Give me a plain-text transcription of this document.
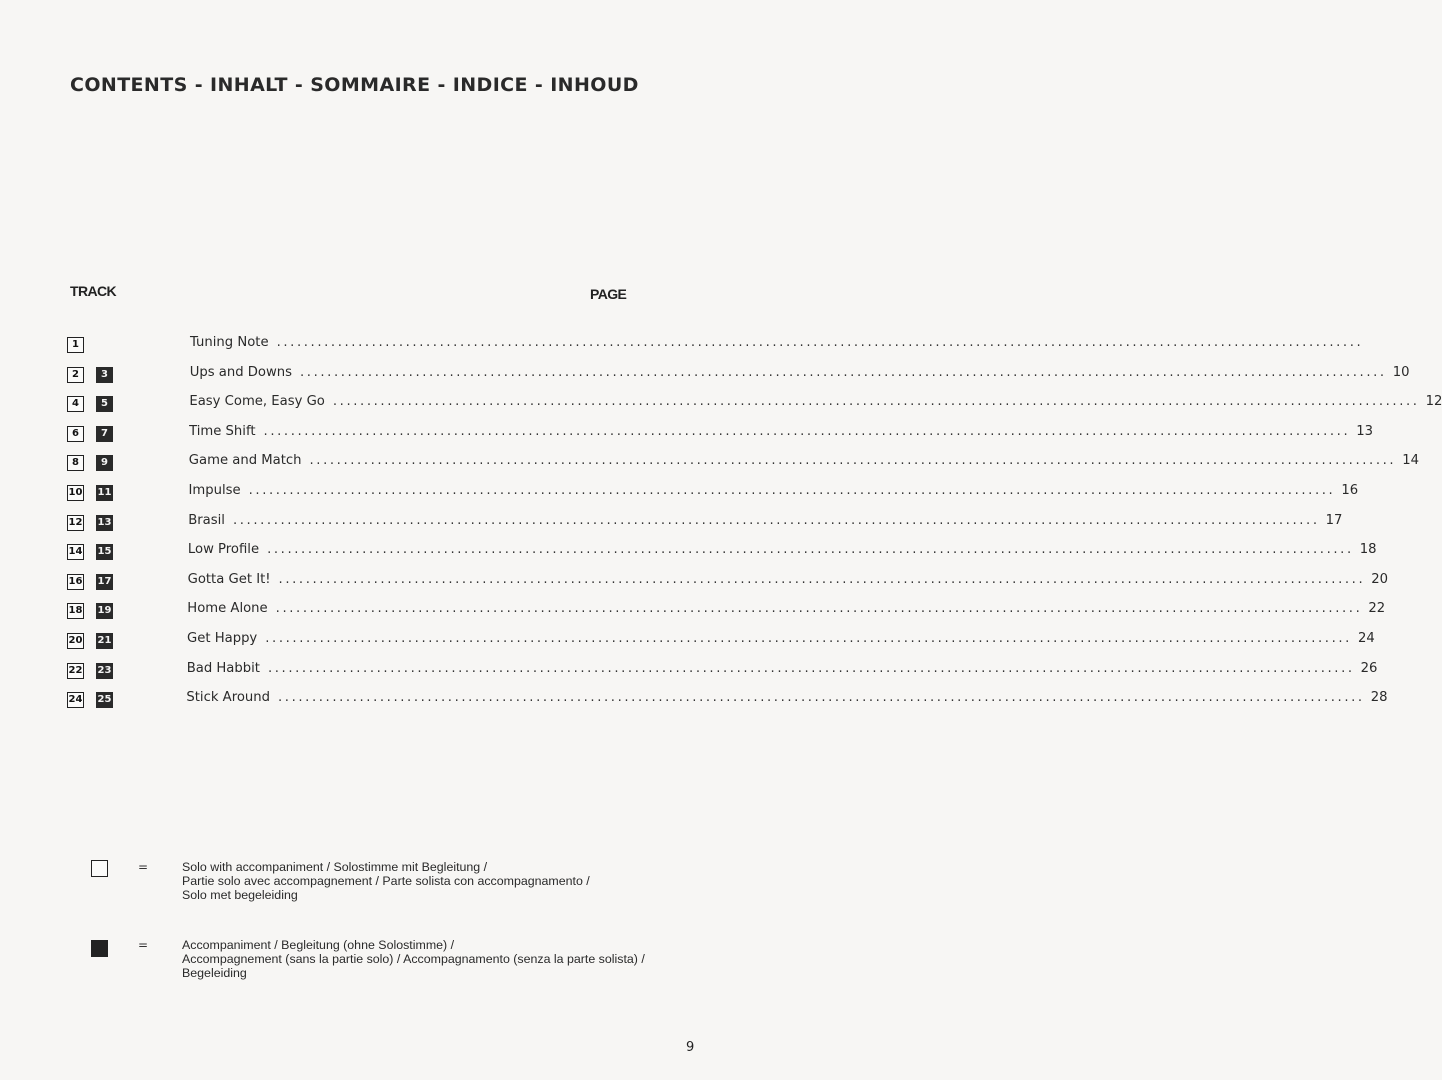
CONTENTS - INHALT - SOMMAIRE - INDICE - INHOUD
TRACK	PAGE
1	Tuning Note ................................................................................................................................................................
2	3	Ups and Downs ................................................................................................................................................................ 10
4	5	Easy Come, Easy Go ................................................................................................................................................................ 12
6	7	Time Shift ................................................................................................................................................................ 13
8	9	Game and Match ................................................................................................................................................................ 14
10 11	Impulse ................................................................................................................................................................ 16
12 13	Brasil ................................................................................................................................................................ 17
14 15	Low Profile ................................................................................................................................................................ 18
16 17	Gotta Get It! ................................................................................................................................................................ 20
18 19	Home Alone ................................................................................................................................................................ 22
20 21	Get Happy ................................................................................................................................................................ 24
22 23	Bad Habbit ................................................................................................................................................................ 26
24 25	Stick Around ................................................................................................................................................................ 28
=	Solo with accompaniment / Solostimme mit Begleitung /
Partie solo avec accompagnement / Parte solista con accompagnamento /
Solo met begeleiding
=	Accompaniment / Begleitung (ohne Solostimme) /
Accompagnement (sans la partie solo) / Accompagnamento (senza la parte solista) /
Begeleiding
9
